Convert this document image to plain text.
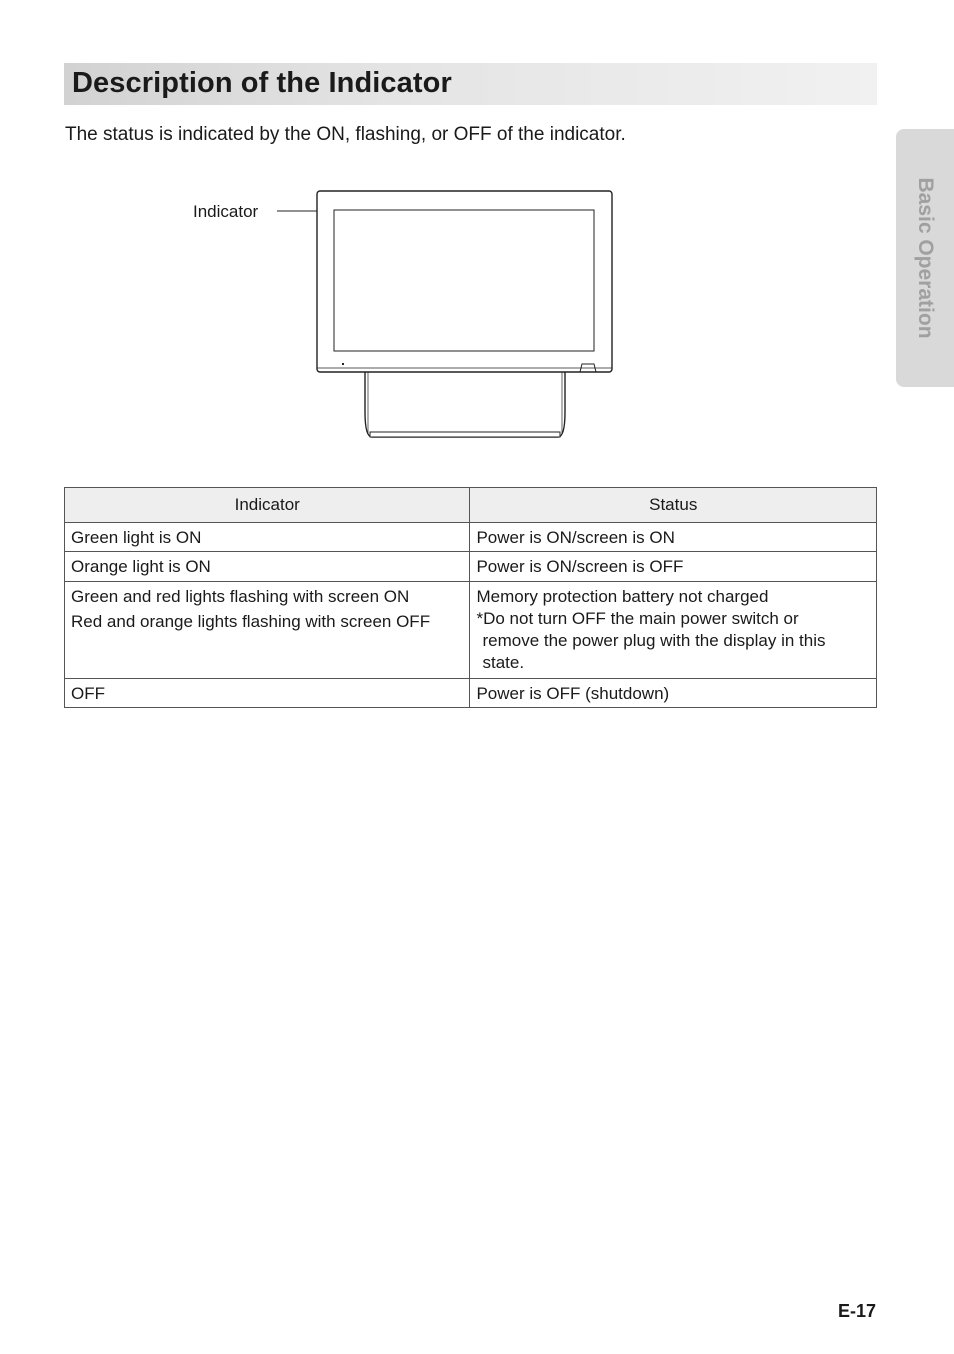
Description of the Indicator

The status is indicated by the ON, flashing, or OFF of the indicator.

Basic Operation
Indicator
Indicator	Status

Green light is ON	Power is ON/screen is ON

Orange light is ON	Power is ON/screen is OFF

Green and red lights flashing with screen ON
Red and orange lights flashing with screen OFF	Memory protection battery not charged
*Do not turn OFF the main power switch or
remove the power plug with the display in this
state.

OFF	Power is OFF (shutdown)
E-17
